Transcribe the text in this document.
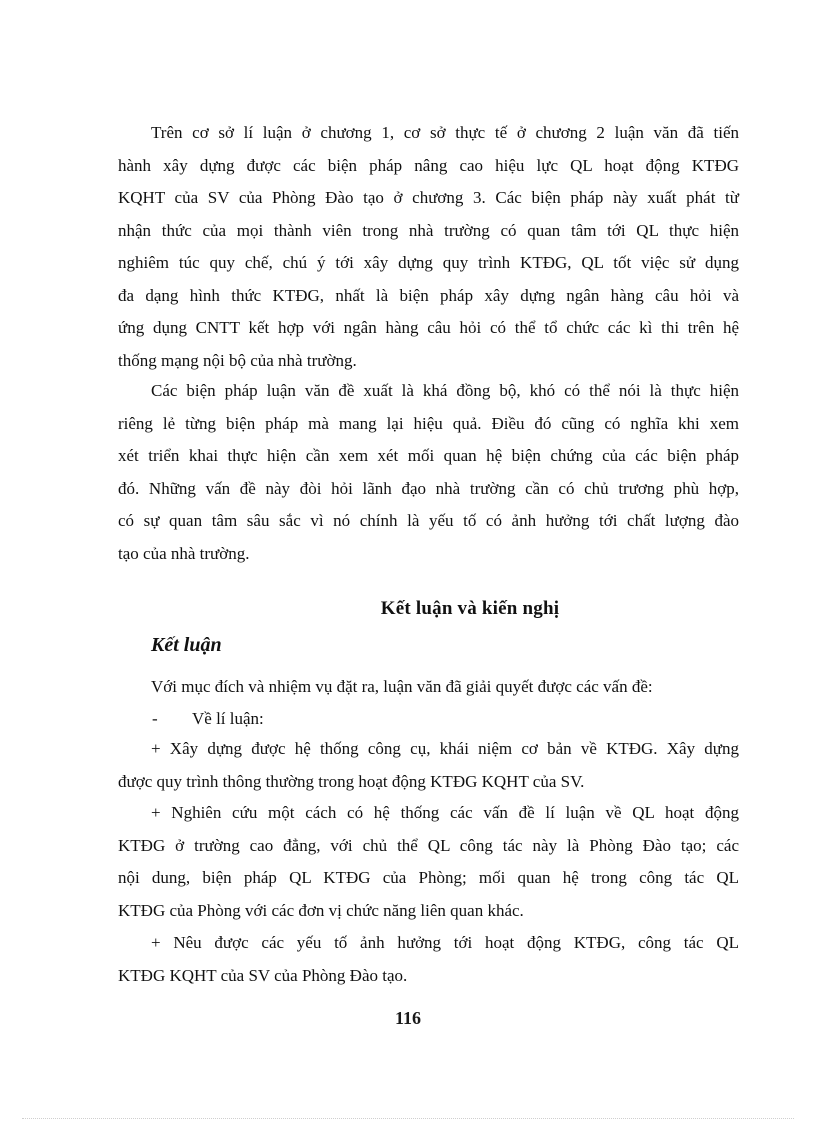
Trên cơ sở lí luận ở chương 1, cơ sở thực tế ở chương 2 luận văn đã tiến
hành xây dựng được các biện pháp nâng cao hiệu lực QL hoạt động KTĐG
KQHT của SV của Phòng Đào tạo ở chương 3. Các biện pháp này xuất phát từ
nhận thức của mọi thành viên trong nhà trường có quan tâm tới QL thực hiện
nghiêm túc quy chế, chú ý tới xây dựng quy trình KTĐG, QL tốt việc sử dụng
đa dạng hình thức KTĐG, nhất là biện pháp xây dựng ngân hàng câu hỏi và
ứng dụng CNTT kết hợp với ngân hàng câu hỏi có thể tổ chức các kì thi trên hệ
thống mạng nội bộ của nhà trường.
Các biện pháp luận văn đề xuất là khá đồng bộ, khó có thể nói là thực hiện
riêng lẻ từng biện pháp mà mang lại hiệu quả. Điều đó cũng có nghĩa khi xem
xét triển khai thực hiện cần xem xét mối quan hệ biện chứng của các biện pháp
đó. Những vấn đề này đòi hỏi lãnh đạo nhà trường cần có chủ trương phù hợp,
có sự quan tâm sâu sắc vì nó chính là yếu tố có ảnh hưởng tới chất lượng đào
tạo của nhà trường.
Kết luận và kiến nghị
Kết luận
Với mục đích và nhiệm vụ đặt ra, luận văn đã giải quyết được các vấn đề:
- Về lí luận:
+ Xây dựng được hệ thống công cụ, khái niệm cơ bản về KTĐG. Xây dựng
được quy trình thông thường trong hoạt động KTĐG KQHT của SV.
+ Nghiên cứu một cách có hệ thống các vấn đề lí luận về QL hoạt động
KTĐG ở trường cao đẳng, với chủ thể QL công tác này là Phòng Đào tạo; các
nội dung, biện pháp QL KTĐG của Phòng; mối quan hệ trong công tác QL
KTĐG của Phòng với các đơn vị chức năng liên quan khác.
+ Nêu được các yếu tố ảnh hưởng tới hoạt động KTĐG, công tác QL
KTĐG KQHT của SV của Phòng Đào tạo.
116
